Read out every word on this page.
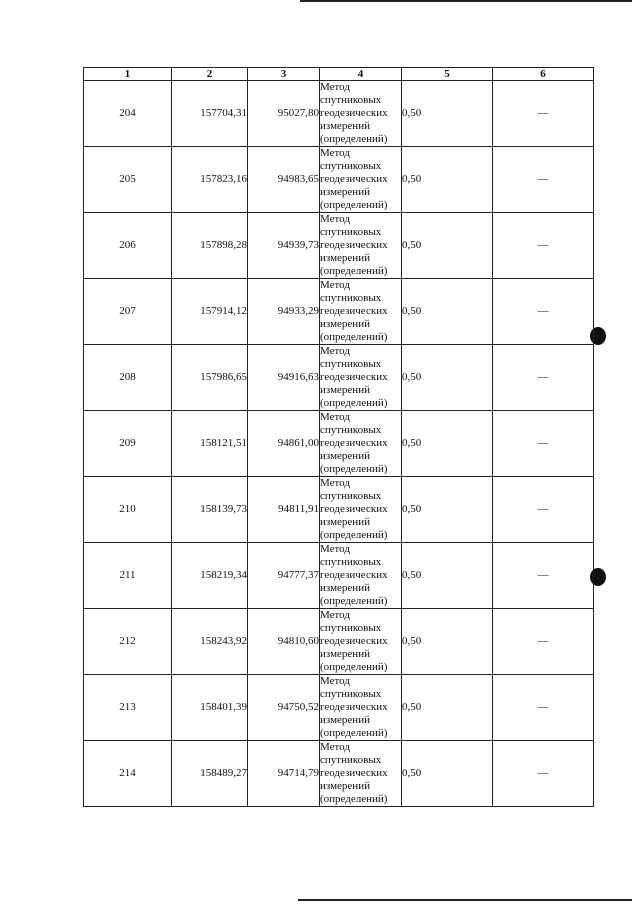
1	2	3	4	5	6
204	157704,31	95027,80	Метод
спутниковых
геодезических
измерений
(определений)	0,50	—
205	157823,16	94983,65	Метод
спутниковых
геодезических
измерений
(определений)	0,50	—
206	157898,28	94939,73	Метод
спутниковых
геодезических
измерений
(определений)	0,50	—
207	157914,12	94933,29	Метод
спутниковых
геодезических
измерений
(определений)	0,50	—
208	157986,65	94916,63	Метод
спутниковых
геодезических
измерений
(определений)	0,50	—
209	158121,51	94861,00	Метод
спутниковых
геодезических
измерений
(определений)	0,50	—
210	158139,73	94811,91	Метод
спутниковых
геодезических
измерений
(определений)	0,50	—
211	158219,34	94777,37	Метод
спутниковых
геодезических
измерений
(определений)	0,50	—
212	158243,92	94810,60	Метод
спутниковых
геодезических
измерений
(определений)	0,50	—
213	158401,39	94750,52	Метод
спутниковых
геодезических
измерений
(определений)	0,50	—
214	158489,27	94714,79	Метод
спутниковых
геодезических
измерений
(определений)	0,50	—
